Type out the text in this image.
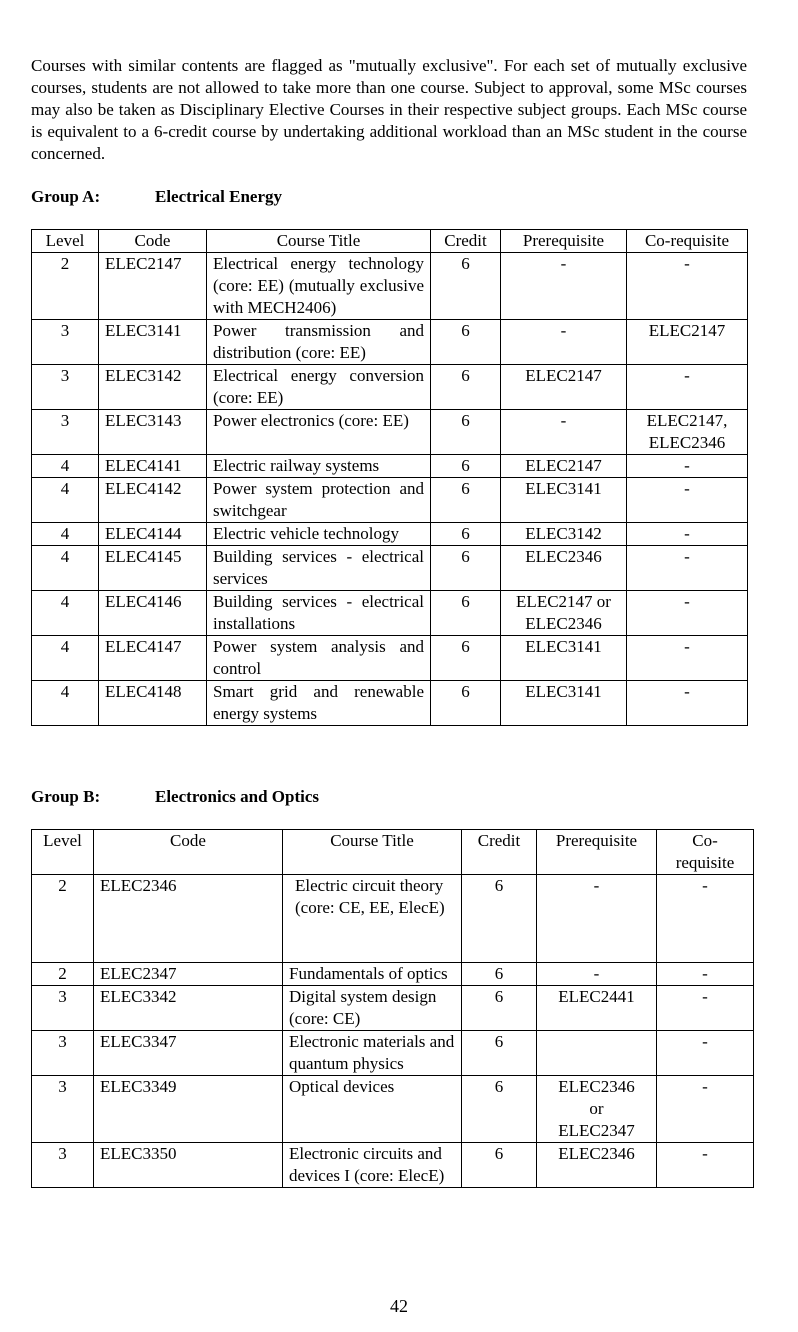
Courses with similar contents are flagged as "mutually exclusive". For each set of mutually exclusive courses, students are not allowed to take more than one course. Subject to approval, some MSc courses may also be taken as Disciplinary Elective Courses in their respective subject groups. Each MSc course is equivalent to a 6-credit course by undertaking additional workload than an MSc student in the course concerned.

Group A:	Electrical Energy
Level	Code	Course Title	Credit	Prerequisite	Co-requisite
2	ELEC2147	Electrical energy technology (core: EE) (mutually exclusive with MECH2406)	6	-	-
3	ELEC3141	Power transmission and distribution (core: EE)	6	-	ELEC2147
3	ELEC3142	Electrical energy conversion (core: EE)	6	ELEC2147	-
3	ELEC3143	Power electronics (core: EE)	6	-	ELEC2147, ELEC2346
4	ELEC4141	Electric railway systems	6	ELEC2147	-
4	ELEC4142	Power system protection and switchgear	6	ELEC3141	-
4	ELEC4144	Electric vehicle technology	6	ELEC3142	-
4	ELEC4145	Building services - electrical services	6	ELEC2346	-
4	ELEC4146	Building services - electrical installations	6	ELEC2147 or ELEC2346	-
4	ELEC4147	Power system analysis and control	6	ELEC3141	-
4	ELEC4148	Smart grid and renewable energy systems	6	ELEC3141	-
Group B:	Electronics and Optics
Level	Code	Course Title	Credit	Prerequisite	Co-requisite
2	ELEC2346	Electric circuit theory (core: CE, EE, ElecE)	6	-	-
2	ELEC2347	Fundamentals of optics	6	-	-
3	ELEC3342	Digital system design (core: CE)	6	ELEC2441	-
3	ELEC3347	Electronic materials and quantum physics	6		-
3	ELEC3349	Optical devices	6	ELEC2346 or ELEC2347	-
3	ELEC3350	Electronic circuits and devices I (core: ElecE)	6	ELEC2346	-
42
